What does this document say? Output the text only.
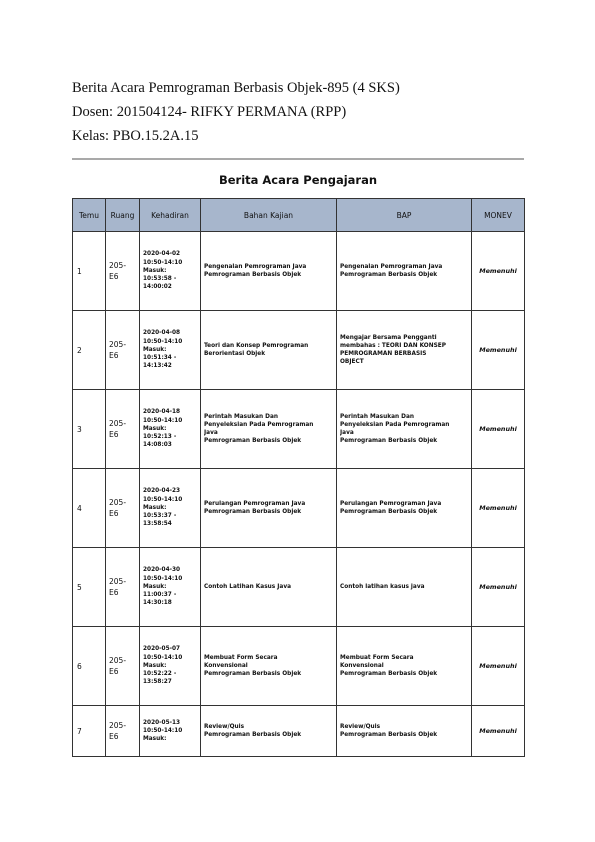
Berita Acara Pemrograman Berbasis Objek-895 (4 SKS)
Dosen: 201504124- RIFKY PERMANA (RPP)
Kelas: PBO.15.2A.15
Berita Acara Pengajaran
Temu	Ruang	Kehadiran	Bahan Kajian	BAP	MONEV
1	205-
E6	2020-04-02
10:50-14:10
Masuk:
10:53:58 -
14:00:02	Pengenalan Pemrograman Java
Pemrograman Berbasis Objek	Pengenalan Pemrograman Java
Pemrograman Berbasis Objek	Memenuhi
2	205-
E6	2020-04-08
10:50-14:10
Masuk:
10:51:34 -
14:13:42	Teori dan Konsep Pemrograman
Berorientasi Objek	Mengajar Bersama Pengganti
membahas : TEORI DAN KONSEP
PEMROGRAMAN BERBASIS
OBJECT	Memenuhi
3	205-
E6	2020-04-18
10:50-14:10
Masuk:
10:52:13 -
14:08:03	Perintah Masukan Dan
Penyeleksian Pada Pemrograman
Java
Pemrograman Berbasis Objek	Perintah Masukan Dan
Penyeleksian Pada Pemrograman
Java
Pemrograman Berbasis Objek	Memenuhi
4	205-
E6	2020-04-23
10:50-14:10
Masuk:
10:53:37 -
13:58:54	Perulangan Pemrograman Java
Pemrograman Berbasis Objek	Perulangan Pemrograman Java
Pemrograman Berbasis Objek	Memenuhi
5	205-
E6	2020-04-30
10:50-14:10
Masuk:
11:00:37 -
14:30:18	Contoh Latihan Kasus Java	Contoh latihan kasus java	Memenuhi
6	205-
E6	2020-05-07
10:50-14:10
Masuk:
10:52:22 -
13:58:27	Membuat Form Secara
Konvensional
Pemrograman Berbasis Objek	Membuat Form Secara
Konvensional
Pemrograman Berbasis Objek	Memenuhi
7	205-
E6	2020-05-13
10:50-14:10
Masuk:	Review/Quis
Pemrograman Berbasis Objek	Review/Quis
Pemrograman Berbasis Objek	Memenuhi
